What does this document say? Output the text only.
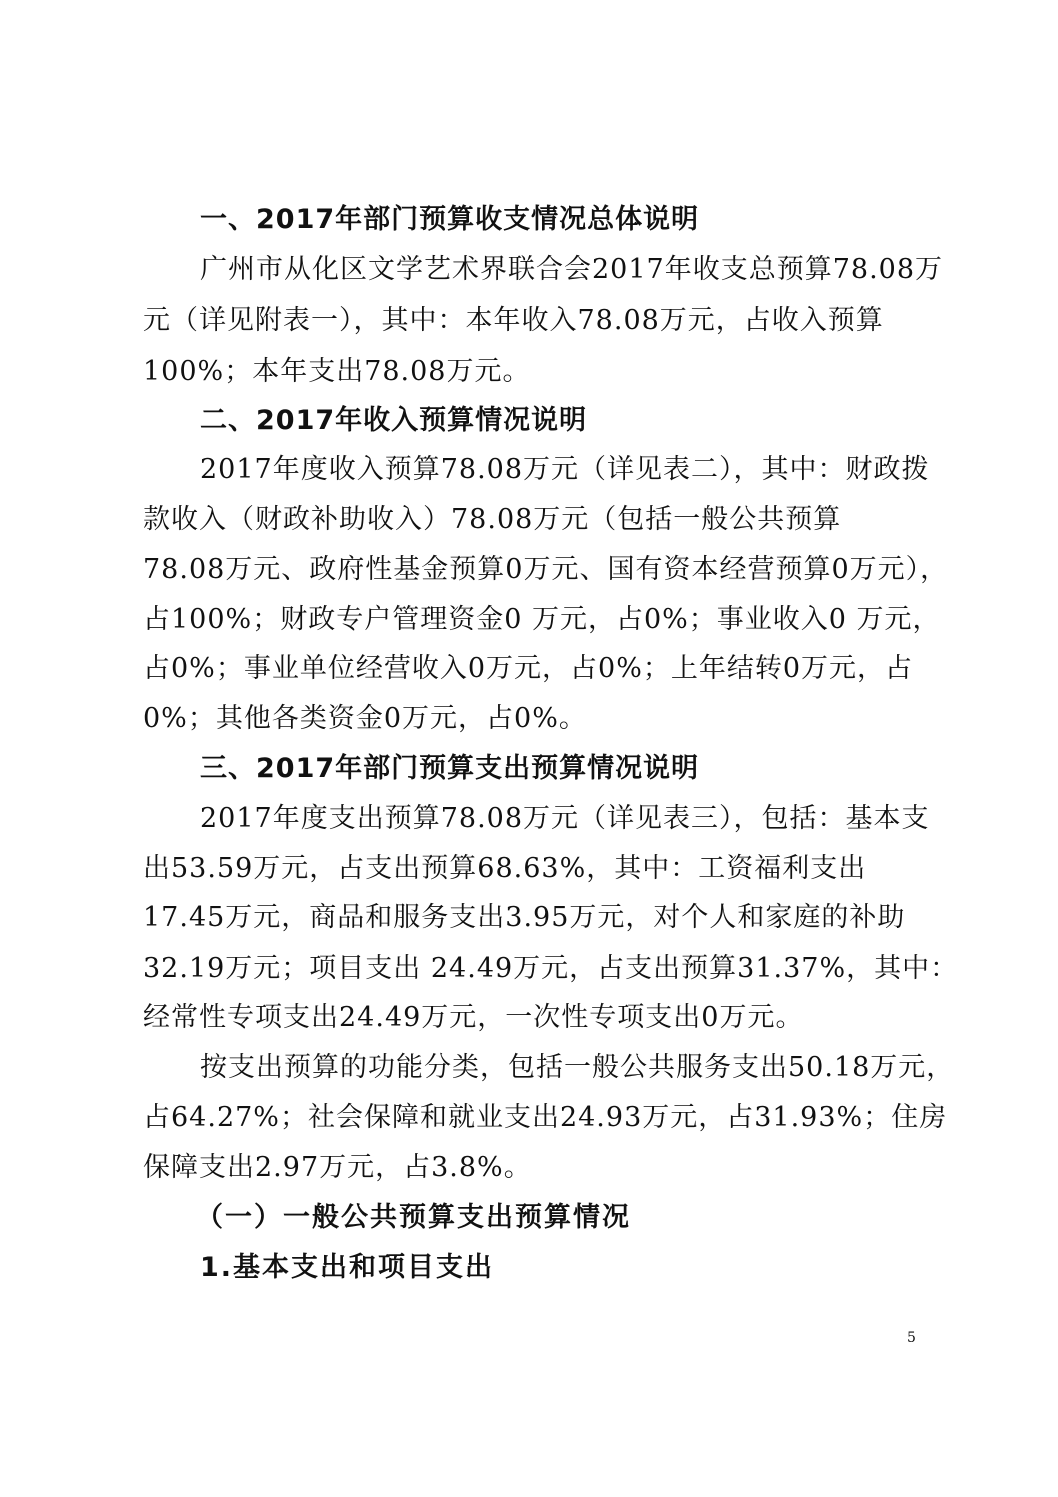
一、2017年部门预算收支情况总体说明
广州市从化区文学艺术界联合会2017年收支总预算78.08万
元（详见附表一），其中：本年收入78.08万元，占收入预算
100%；本年支出78.08万元。
二、2017年收入预算情况说明
2017年度收入预算78.08万元（详见表二），其中：财政拨
款收入（财政补助收入）78.08万元（包括一般公共预算
78.08万元、政府性基金预算0万元、国有资本经营预算0万元），
占100%；财政专户管理资金0 万元，占0%；事业收入0 万元，
占0%；事业单位经营收入0万元，占0%；上年结转0万元，占
0%；其他各类资金0万元，占0%。
三、2017年部门预算支出预算情况说明
2017年度支出预算78.08万元（详见表三），包括：基本支
出53.59万元，占支出预算68.63%，其中：工资福利支出
17.45万元，商品和服务支出3.95万元，对个人和家庭的补助
32.19万元；项目支出 24.49万元，占支出预算31.37%，其中：
经常性专项支出24.49万元，一次性专项支出0万元。
按支出预算的功能分类，包括一般公共服务支出50.18万元，
占64.27%；社会保障和就业支出24.93万元，占31.93%；住房
保障支出2.97万元，占3.8%。
（一）一般公共预算支出预算情况
1.基本支出和项目支出
5
